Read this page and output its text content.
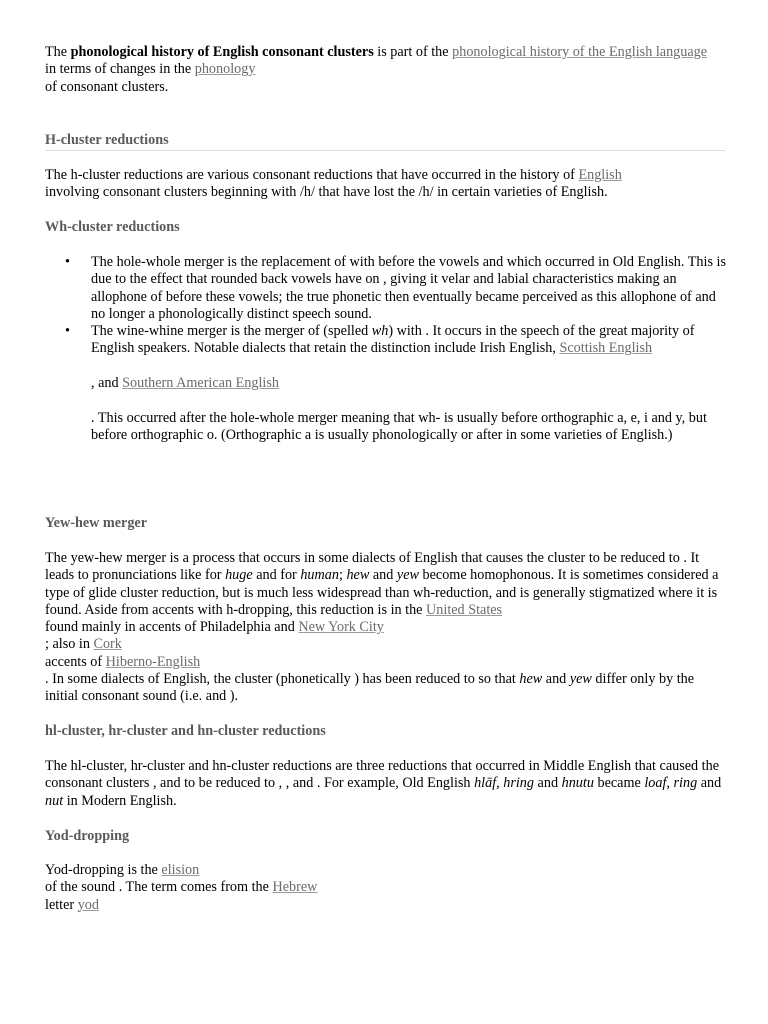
The phonological history of English consonant clusters is part of the phonological history of the English language
in terms of changes in the phonology
of consonant clusters.

H-cluster reductions

The h-cluster reductions are various consonant reductions that have occurred in the history of English
involving consonant clusters beginning with /h/ that have lost the /h/ in certain varieties of English.

Wh-cluster reductions
• The hole-whole merger is the replacement of with before the vowels and which occurred in Old English. This is due to the effect that rounded back vowels have on , giving it velar and labial characteristics making an allophone of before these vowels; the true phonetic then eventually became perceived as this allophone of and no longer a phonologically distinct speech sound.
• The wine-whine merger is the merger of (spelled wh) with . It occurs in the speech of the great majority of English speakers. Notable dialects that retain the distinction include Irish English, Scottish English

, and Southern American English

. This occurred after the hole-whole merger meaning that wh- is usually before orthographic a, e, i and y, but before orthographic o. (Orthographic a is usually phonologically or after in some varieties of English.)
Yew-hew merger

The yew-hew merger is a process that occurs in some dialects of English that causes the cluster to be reduced to . It leads to pronunciations like for huge and for human; hew and yew become homophonous. It is sometimes considered a type of glide cluster reduction, but is much less widespread than wh-reduction, and is generally stigmatized where it is found. Aside from accents with h-dropping, this reduction is in the United States
found mainly in accents of Philadelphia and New York City
; also in Cork
accents of Hiberno-English
. In some dialects of English, the cluster (phonetically ) has been reduced to so that hew and yew differ only by the initial consonant sound (i.e. and ).

hl-cluster, hr-cluster and hn-cluster reductions

The hl-cluster, hr-cluster and hn-cluster reductions are three reductions that occurred in Middle English that caused the consonant clusters , and to be reduced to , , and . For example, Old English hlāf, hring and hnutu became loaf, ring and nut in Modern English.

Yod-dropping

Yod-dropping is the elision
of the sound . The term comes from the Hebrew
letter yod
